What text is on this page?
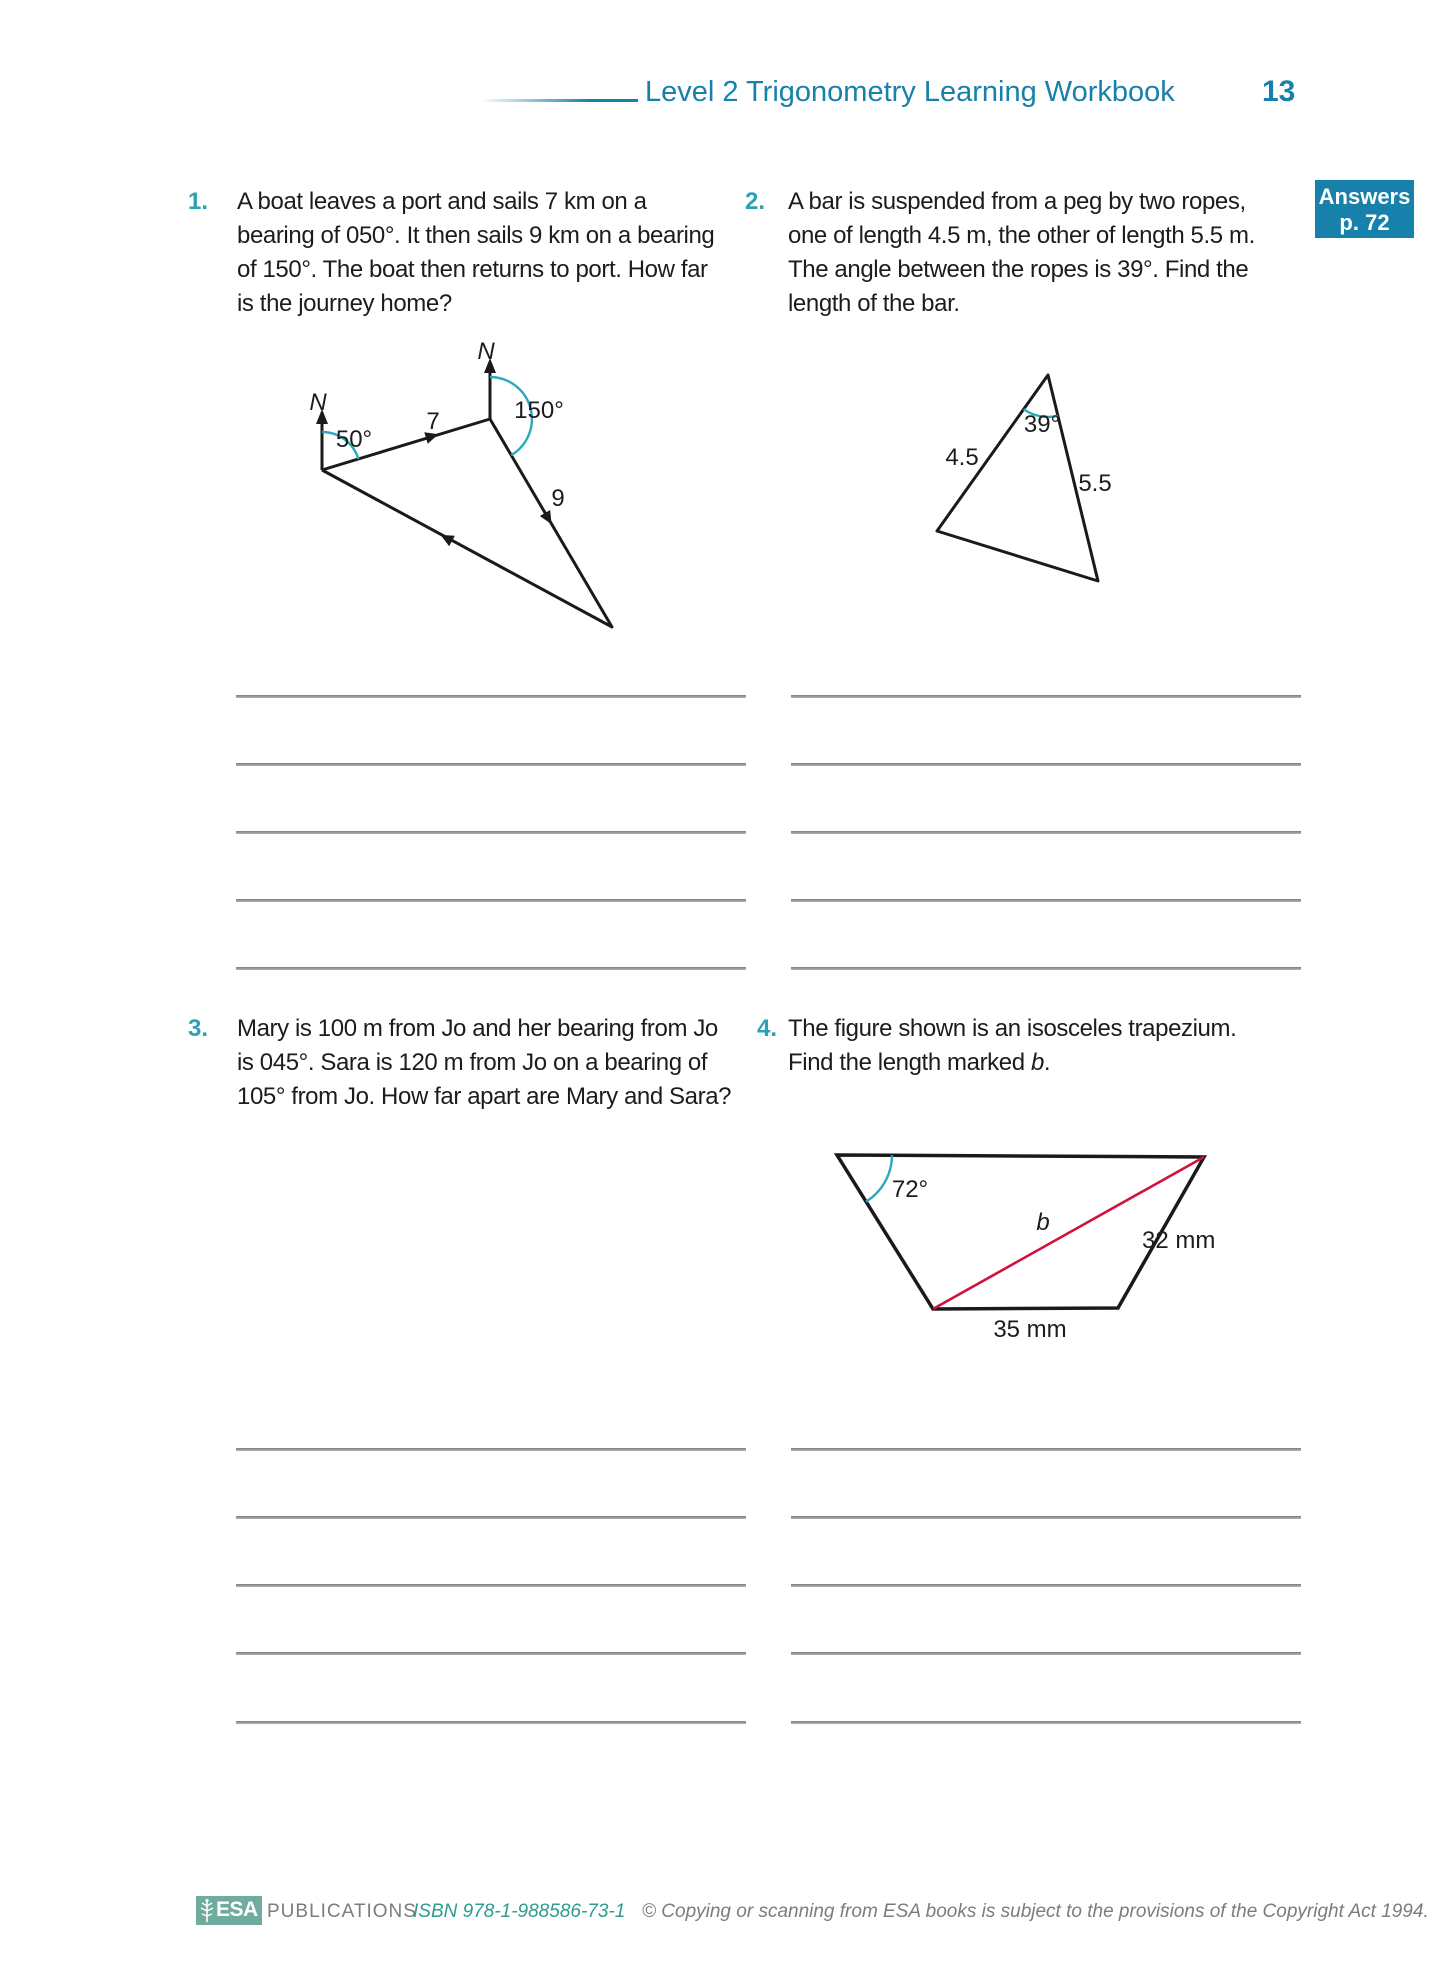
Level 2 Trigonometry Learning Workbook	13
Answers
p. 72
1. A boat leaves a port and sails 7 km on a
bearing of 050°. It then sails 9 km on a bearing
of 150°. The boat then returns to port. How far
is the journey home?
2. A bar is suspended from a peg by two ropes,
one of length 4.5 m, the other of length 5.5 m.
The angle between the ropes is 39°. Find the
length of the bar.
N
N
50°
150°
7
9
39°
4.5
5.5
3. Mary is 100 m from Jo and her bearing from Jo
is 045°. Sara is 120 m from Jo on a bearing of
105° from Jo. How far apart are Mary and Sara?
4. The figure shown is an isosceles trapezium.
Find the length marked b.
72°
b
32 mm
35 mm
ESA PUBLICATIONS
ISBN 978-1-988586-73-1 © Copying or scanning from ESA books is subject to the provisions of the Copyright Act 1994.
